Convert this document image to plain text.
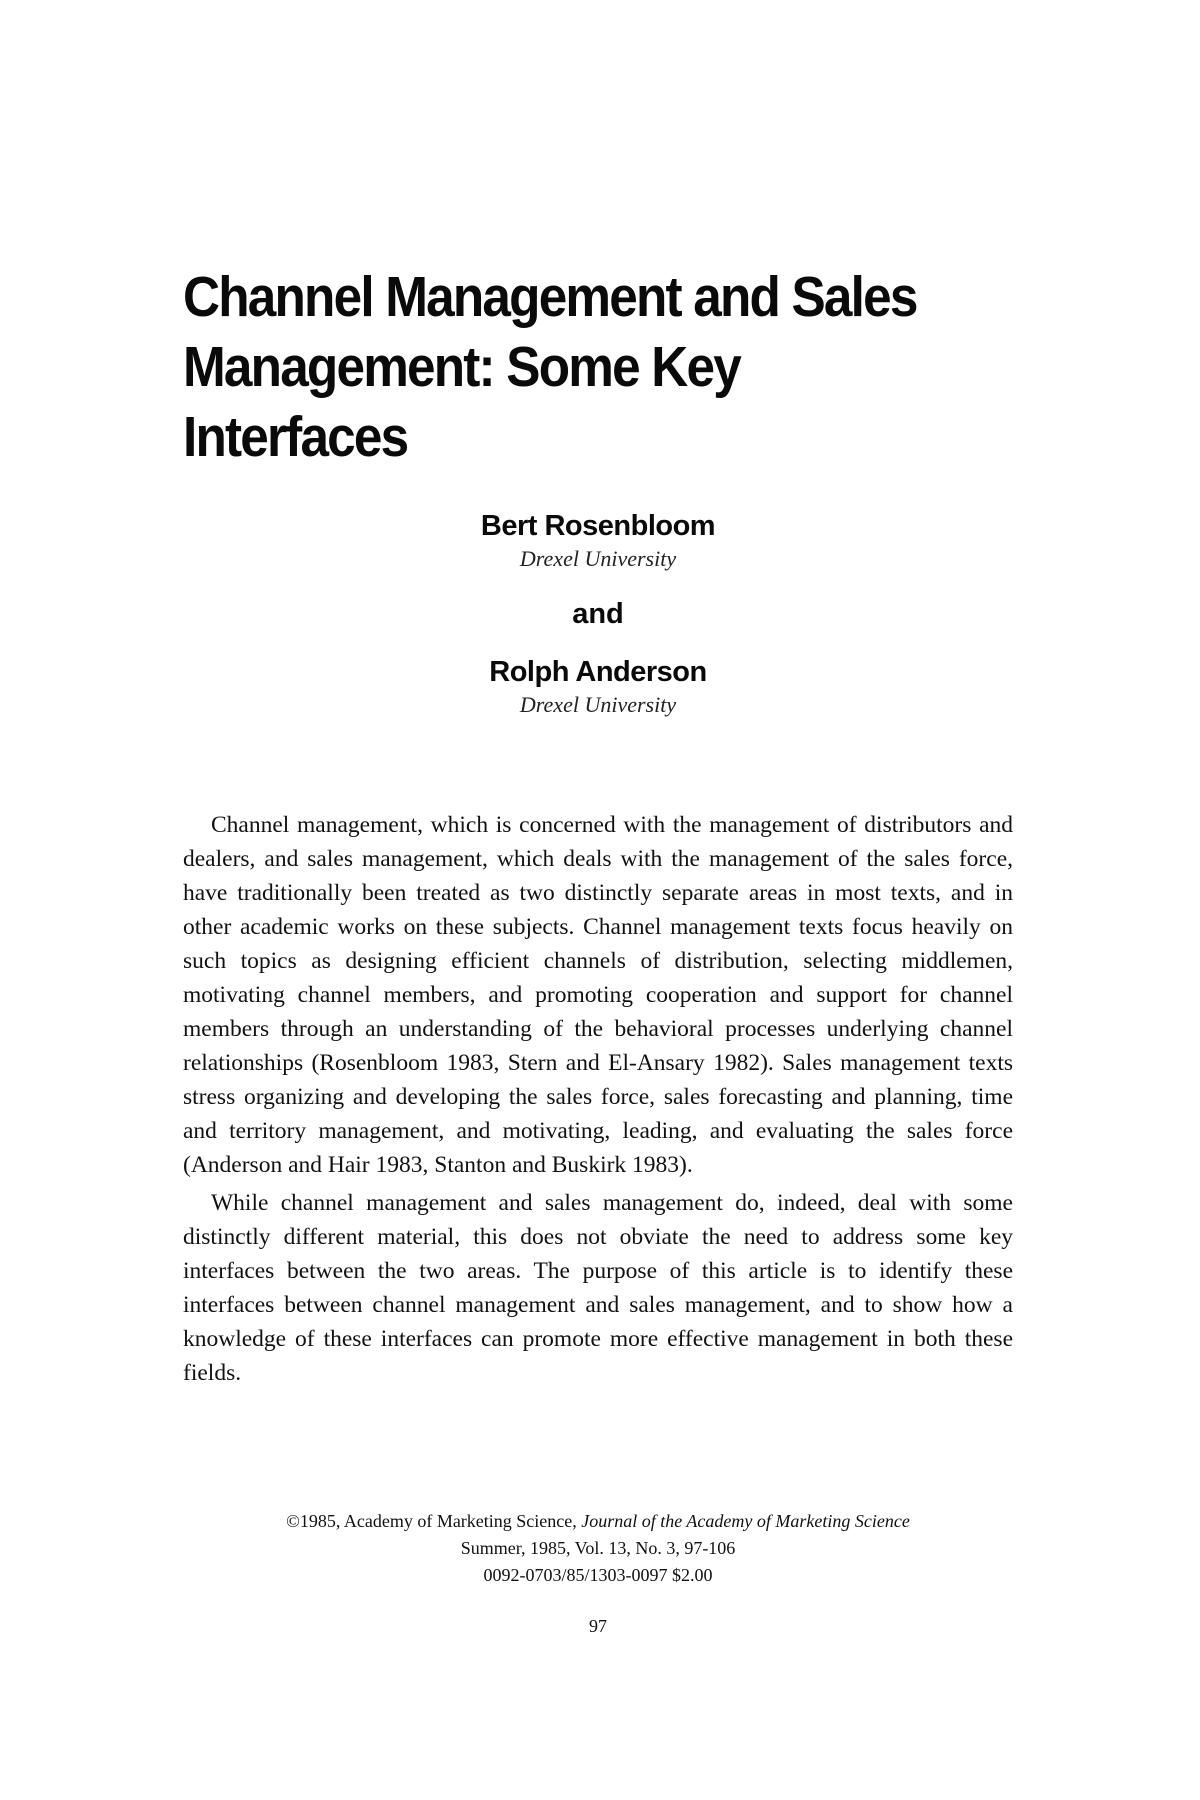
Channel Management and Sales Management: Some Key Interfaces
Bert Rosenbloom
Drexel University
and
Rolph Anderson
Drexel University

Channel management, which is concerned with the management of distributors and dealers, and sales management, which deals with the management of the sales force, have traditionally been treated as two distinctly separate areas in most texts, and in other academic works on these subjects. Channel management texts focus heavily on such topics as designing efficient channels of distribution, selecting middlemen, motivating channel members, and promoting cooperation and support for channel members through an understanding of the behavioral processes underlying channel relationships (Rosenbloom 1983, Stern and El-Ansary 1982). Sales management texts stress organizing and developing the sales force, sales forecasting and planning, time and territory management, and motivating, leading, and evaluating the sales force (Anderson and Hair 1983, Stanton and Buskirk 1983).

While channel management and sales management do, indeed, deal with some distinctly different material, this does not obviate the need to address some key interfaces between the two areas. The purpose of this article is to identify these interfaces between channel management and sales management, and to show how a knowledge of these interfaces can promote more effective management in both these fields.

©1985, Academy of Marketing Science, Journal of the Academy of Marketing Science
Summer, 1985, Vol. 13, No. 3, 97-106
0092-0703/85/1303-0097 $2.00
97
